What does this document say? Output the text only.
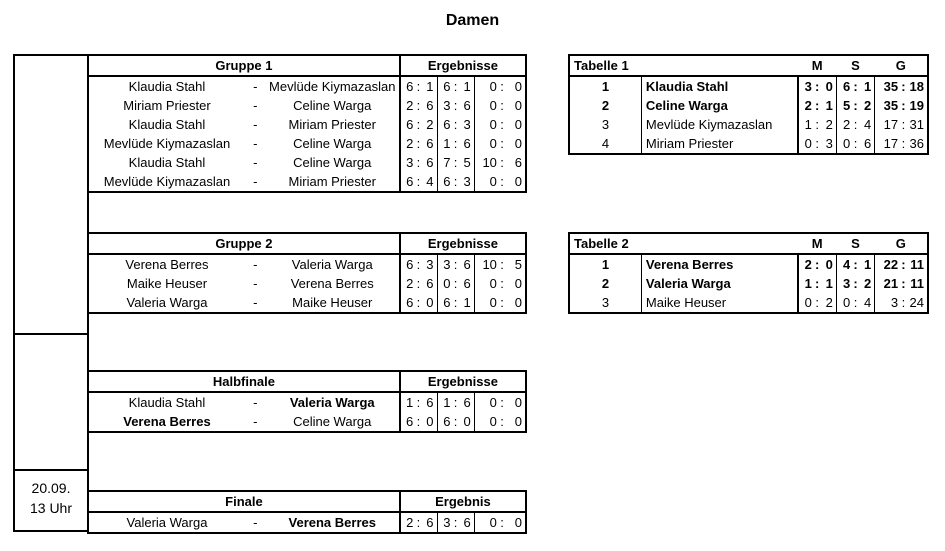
Damen
20.09.
13 Uhr
Gruppe 1			Ergebnisse								
Klaudia Stahl	-	Mevlüde Kiymazaslan	6	:	1	6	:	1	0	:	0
Miriam Priester	-	Celine Warga	2	:	6	3	:	6	0	:	0
Klaudia Stahl	-	Miriam Priester	6	:	2	6	:	3	0	:	0
Mevlüde Kiymazaslan	-	Celine Warga	2	:	6	1	:	6	0	:	0
Klaudia Stahl	-	Celine Warga	3	:	6	7	:	5	10	:	6
Mevlüde Kiymazaslan	-	Miriam Priester	6	:	4	6	:	3	0	:	0
Gruppe 2			Ergebnisse								
Verena Berres	-	Valeria Warga	6	:	3	3	:	6	10	:	5
Maike Heuser	-	Verena Berres	2	:	6	0	:	6	0	:	0
Valeria Warga	-	Maike Heuser	6	:	0	6	:	1	0	:	0
Halbfinale			Ergebnisse								
Klaudia Stahl	-	Valeria Warga	1	:	6	1	:	6	0	:	0
Verena Berres	-	Celine Warga	6	:	0	6	:	0	0	:	0
Finale			Ergebnis								
Valeria Warga	-	Verena Berres	2	:	6	3	:	6	0	:	0
Tabelle 1		M			S			G		
1	Klaudia Stahl	3	:	0	6	:	1	35	:	18
2	Celine Warga	2	:	1	5	:	2	35	:	19
3	Mevlüde Kiymazaslan	1	:	2	2	:	4	17	:	31
4	Miriam Priester	0	:	3	0	:	6	17	:	36
Tabelle 2		M			S			G		
1	Verena Berres	2	:	0	4	:	1	22	:	11
2	Valeria Warga	1	:	1	3	:	2	21	:	11
3	Maike Heuser	0	:	2	0	:	4	3	:	24
